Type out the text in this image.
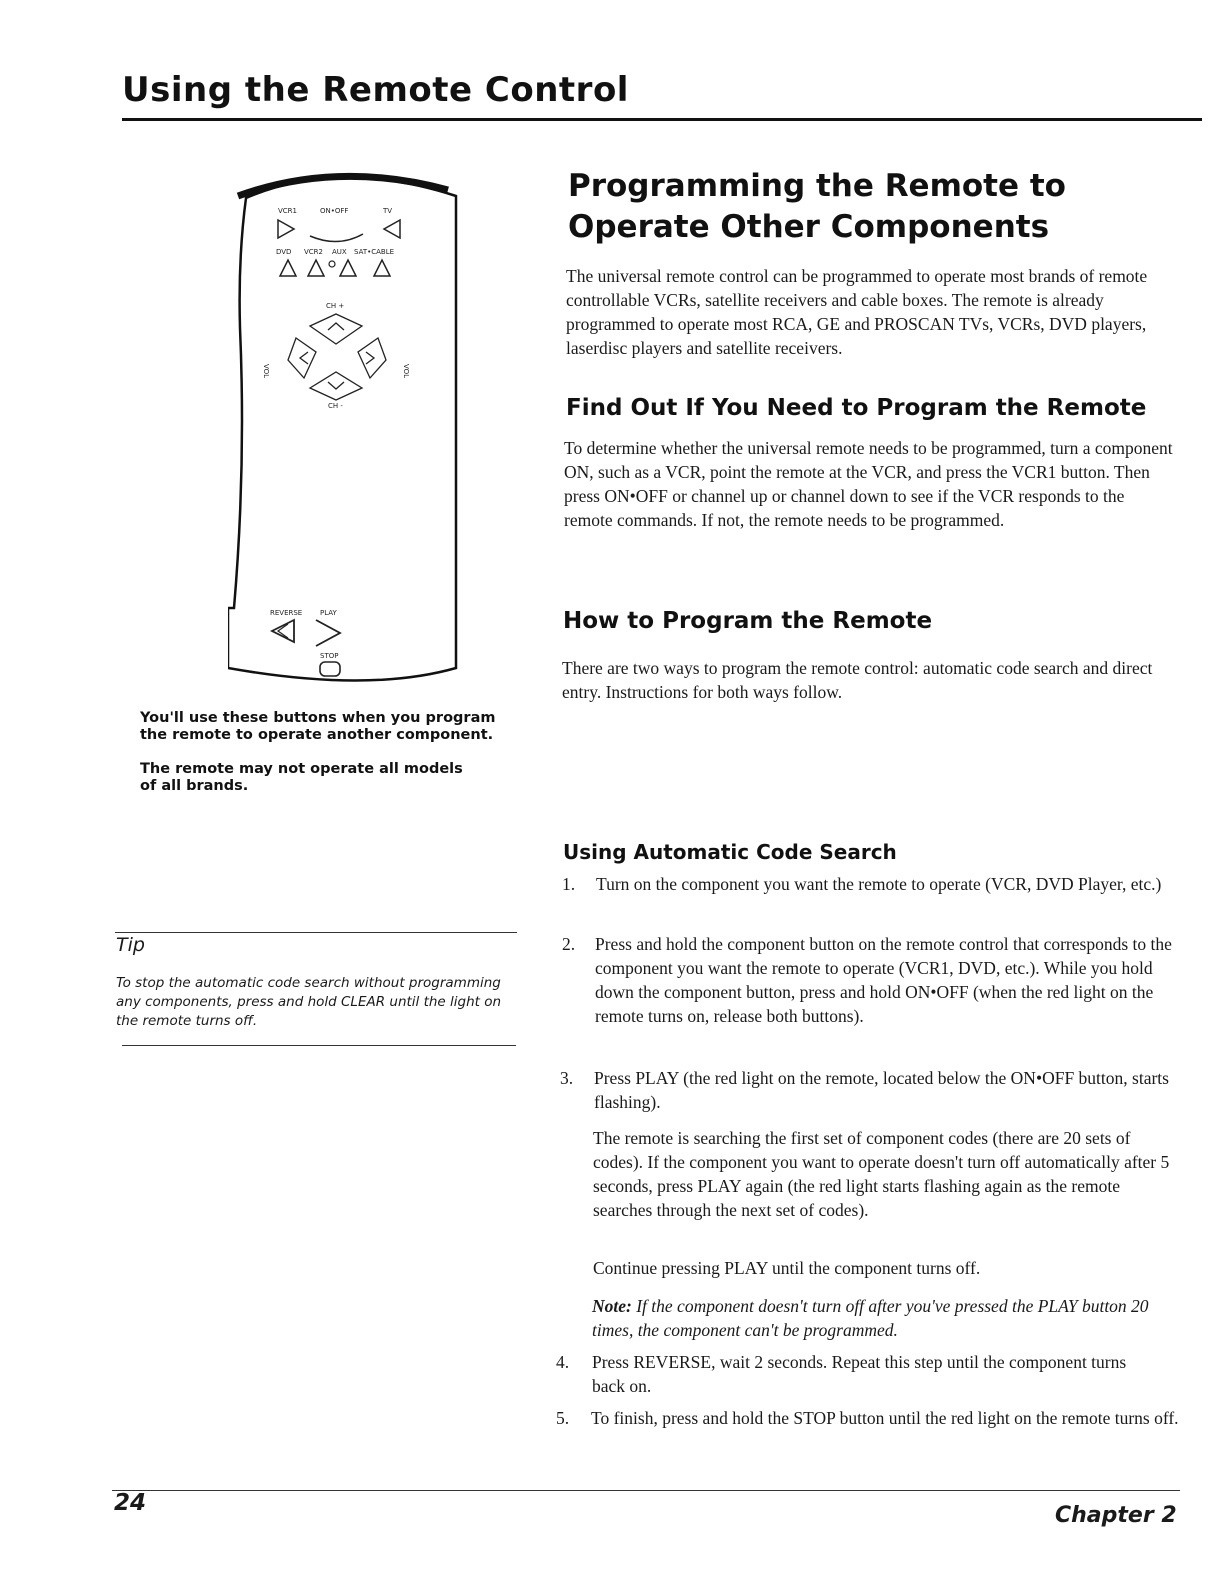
Using the Remote Control
VCR1	ON•OFF	TV
DVD VCR2 AUX SAT•CABLE
CH +
CH -
VOL	VOL
REVERSE	PLAY
STOP

You'll use these buttons when you program the remote to operate another component.

The remote may not operate all models of all brands.

Tip

To stop the automatic code search without programming any components, press and hold CLEAR until the light on the remote turns off.

Programming the Remote to Operate Other Components

The universal remote control can be programmed to operate most brands of remote controllable VCRs, satellite receivers and cable boxes. The remote is already programmed to operate most RCA, GE and PROSCAN TVs, VCRs, DVD players, laserdisc players and satellite receivers.

Find Out If You Need to Program the Remote

To determine whether the universal remote needs to be programmed, turn a component ON, such as a VCR, point the remote at the VCR, and press the VCR1 button. Then press ON•OFF or channel up or channel down to see if the VCR responds to the remote commands. If not, the remote needs to be programmed.

How to Program the Remote

There are two ways to program the remote control: automatic code search and direct entry. Instructions for both ways follow.

Using Automatic Code Search

1. Turn on the component you want the remote to operate (VCR, DVD Player, etc.)

2. Press and hold the component button on the remote control that corresponds to the component you want the remote to operate (VCR1, DVD, etc.). While you hold down the component button, press and hold ON•OFF (when the red light on the remote turns on, release both buttons).

3. Press PLAY (the red light on the remote, located below the ON•OFF button, starts flashing).

The remote is searching the first set of component codes (there are 20 sets of codes). If the component you want to operate doesn't turn off automatically after 5 seconds, press PLAY again (the red light starts flashing again as the remote searches through the next set of codes).

Continue pressing PLAY until the component turns off.

Note: If the component doesn't turn off after you've pressed the PLAY button 20 times, the component can't be programmed.

4. Press REVERSE, wait 2 seconds. Repeat this step until the component turns back on.

5. To finish, press and hold the STOP button until the red light on the remote turns off.

24	Chapter 2
